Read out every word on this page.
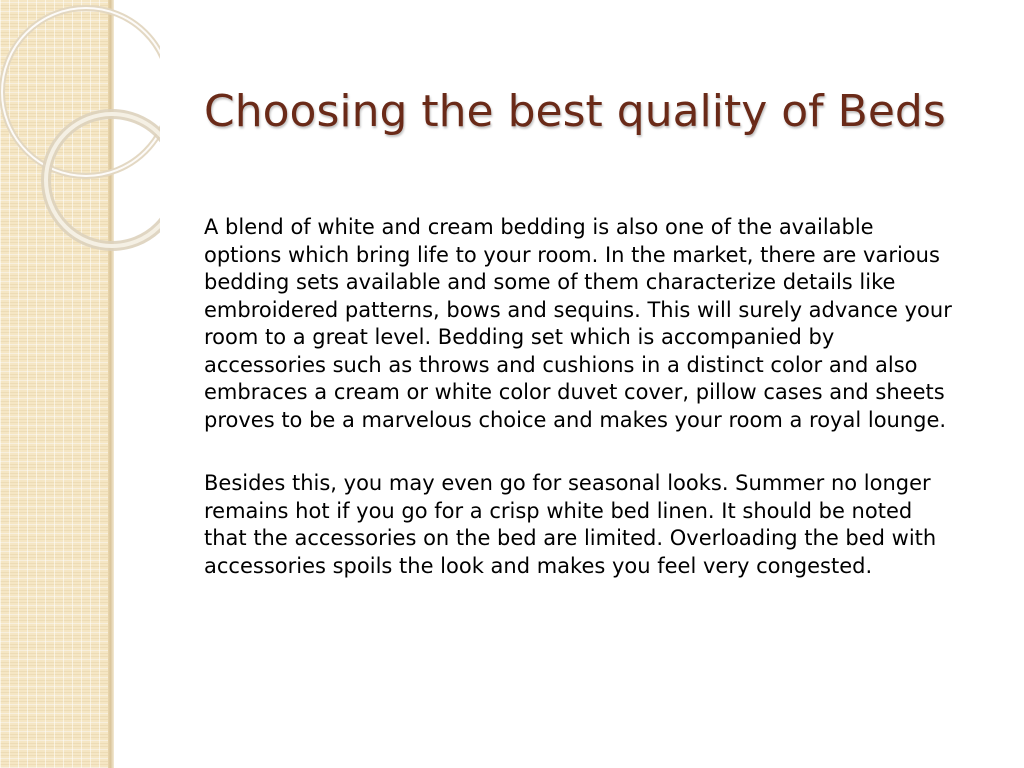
Choosing the best quality of Beds

A blend of white and cream bedding is also one of the available options which bring life to your room. In the market, there are various bedding sets available and some of them characterize details like embroidered patterns, bows and sequins. This will surely advance your room to a great level. Bedding set which is accompanied by accessories such as throws and cushions in a distinct color and also embraces a cream or white color duvet cover, pillow cases and sheets proves to be a marvelous choice and makes your room a royal lounge.

Besides this, you may even go for seasonal looks. Summer no longer remains hot if you go for a crisp white bed linen. It should be noted that the accessories on the bed are limited. Overloading the bed with accessories spoils the look and makes you feel very congested.
